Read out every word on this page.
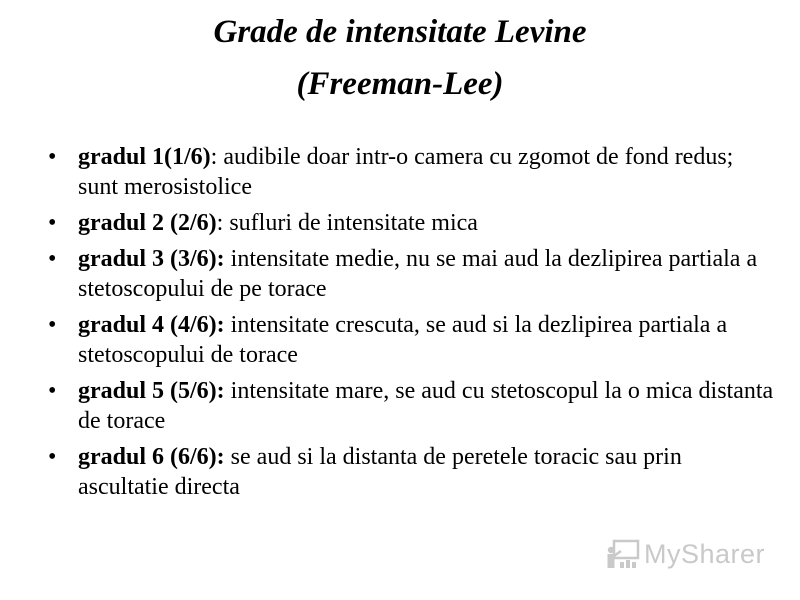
Grade de intensitate Levine
(Freeman-Lee)
• gradul 1(1/6): audibile doar intr-o camera cu zgomot de fond redus; sunt merosistolice
• gradul 2 (2/6): sufluri de intensitate mica
• gradul 3 (3/6): intensitate medie, nu se mai aud la dezlipirea partiala a stetoscopului de pe torace
• gradul 4 (4/6): intensitate crescuta, se aud si la dezlipirea partiala a stetoscopului de torace
• gradul 5 (5/6): intensitate mare, se aud cu stetoscopul la o mica distanta de torace
• gradul 6 (6/6): se aud si la distanta de peretele toracic sau prin ascultatie directa
MySharer
